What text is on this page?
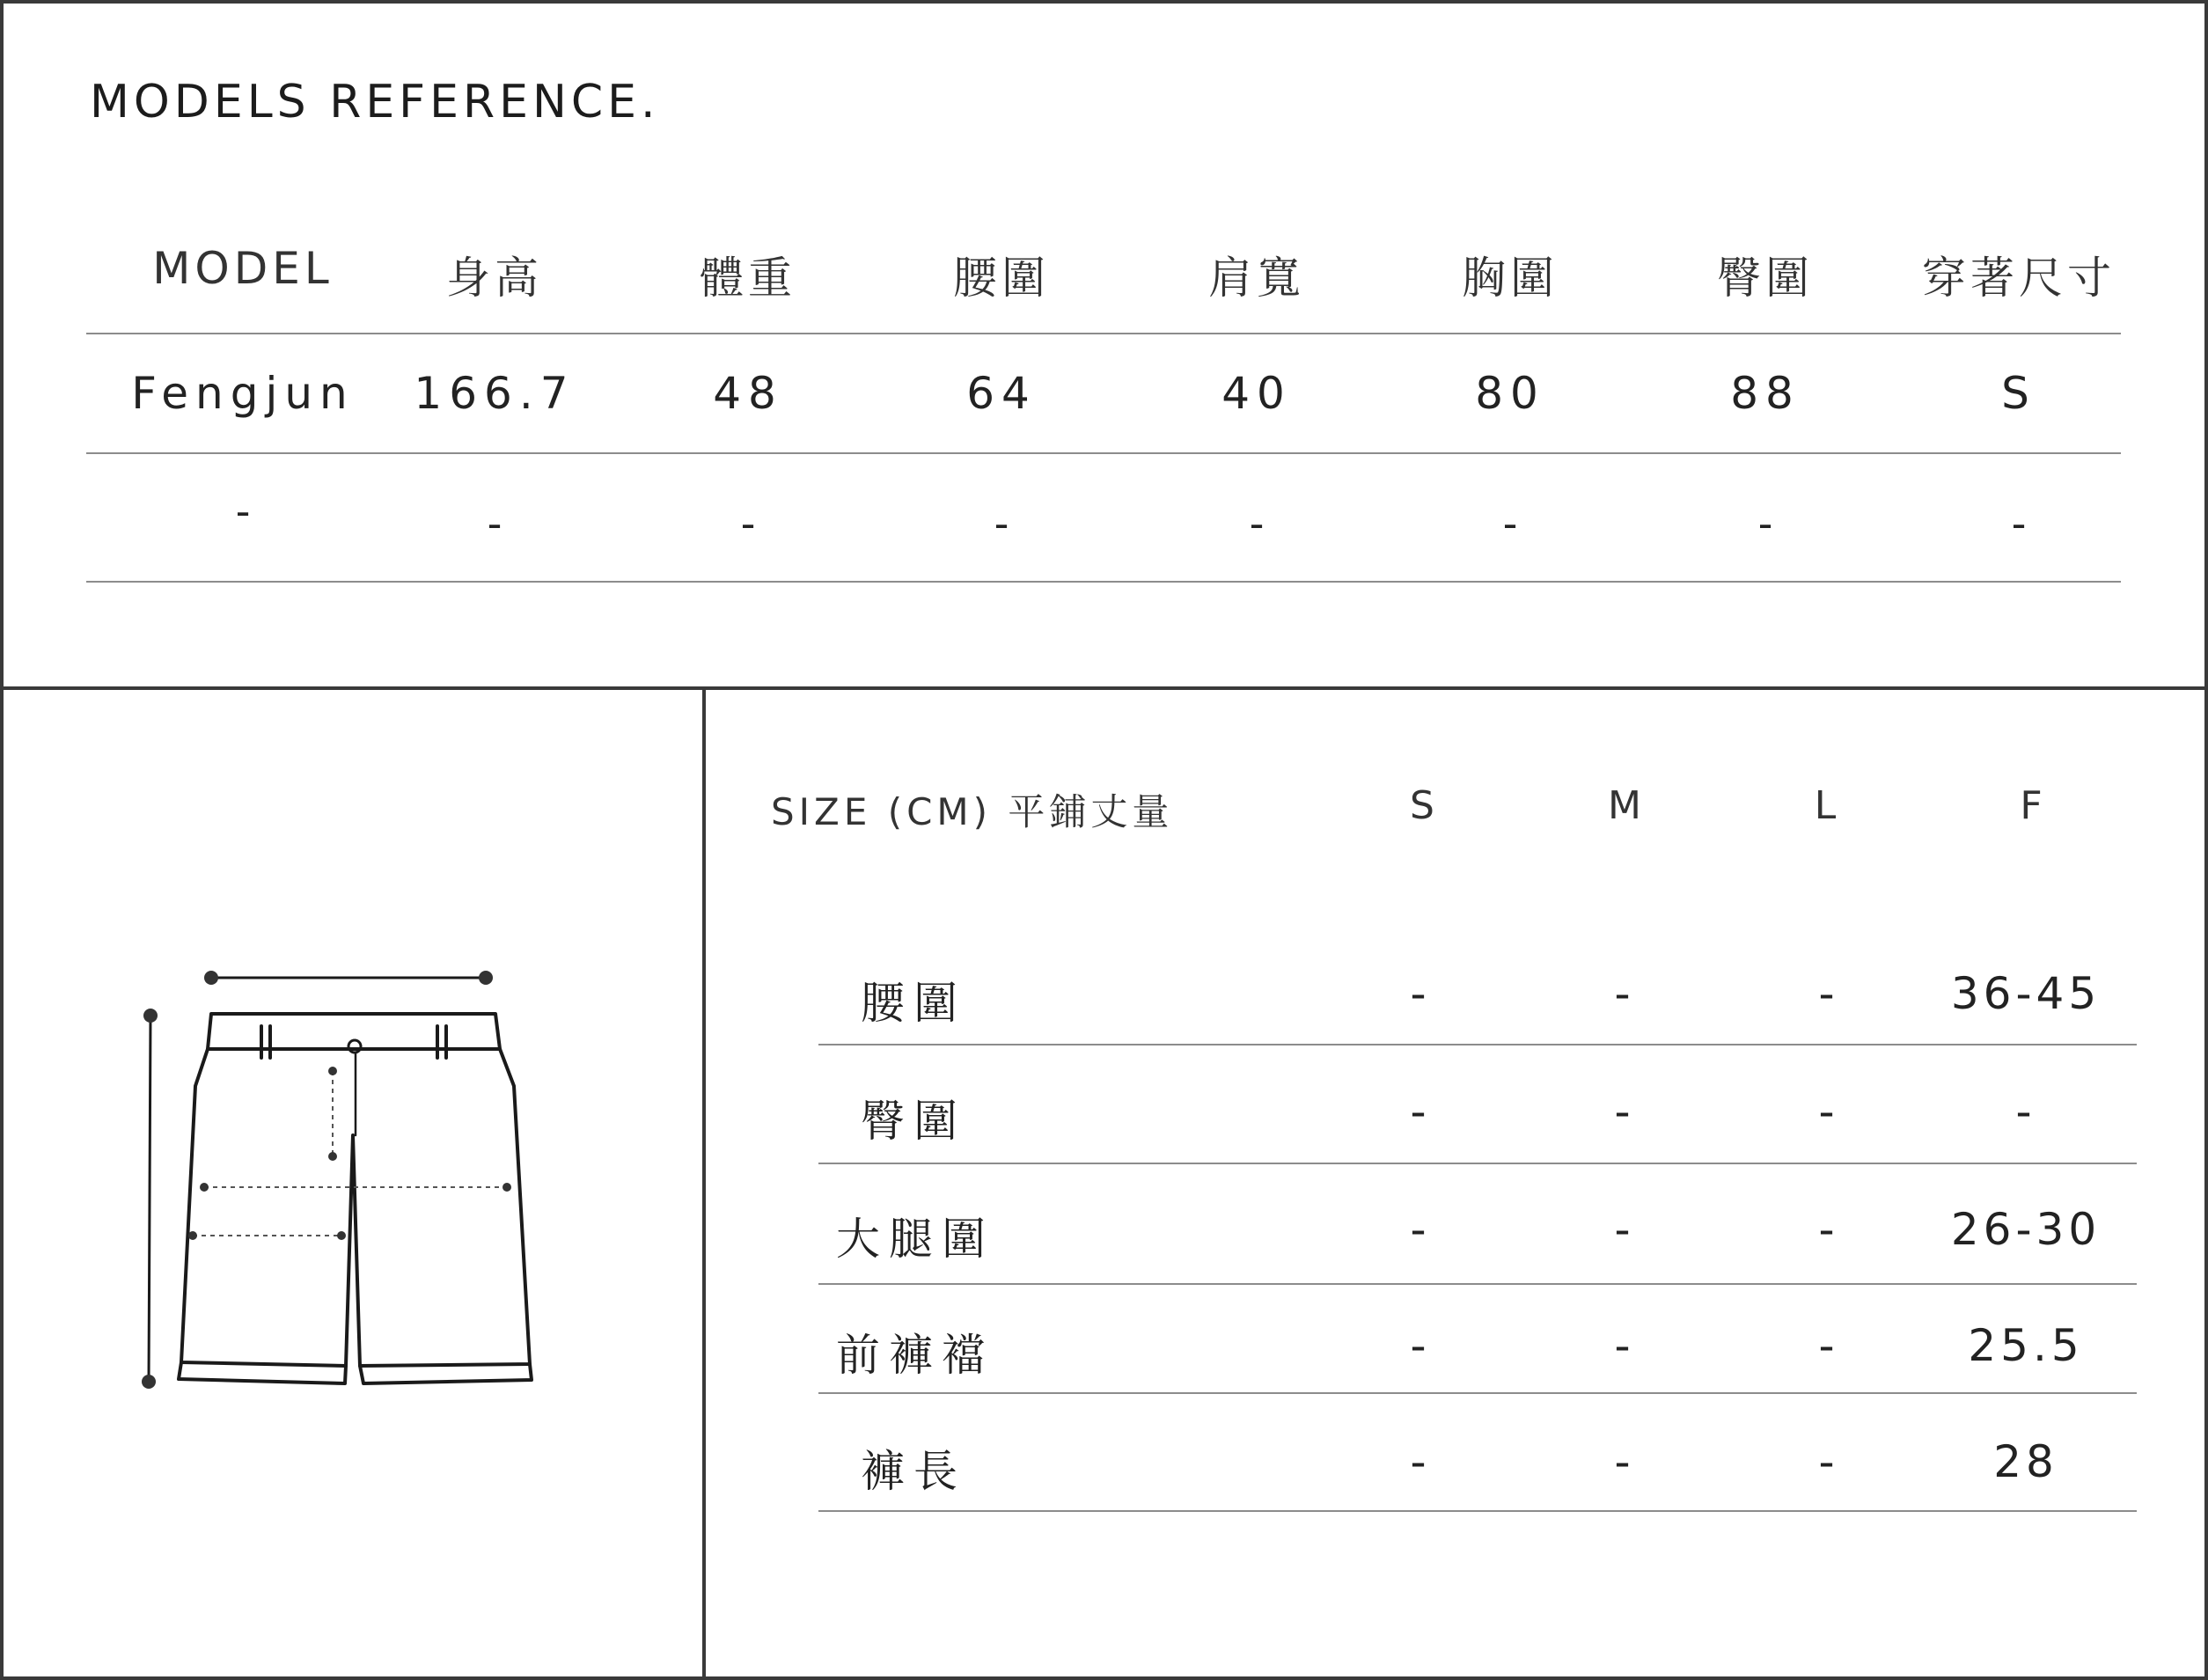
MODELS REFERENCE.
MODEL	身高	體重	腰圍	肩寬	胸圍	臀圍	穿著尺寸
Fengjun	166.7	48	64	40	80	88	S
-	-	-	-	-	-	-	-
SIZE (CM) 平鋪丈量	S	M	L	F
腰圍	-	-	-	36-45
臀圍	-	-	-	-
大腿圍	-	-	-	26-30
前褲襠	-	-	-	25.5
褲長	-	-	-	28
